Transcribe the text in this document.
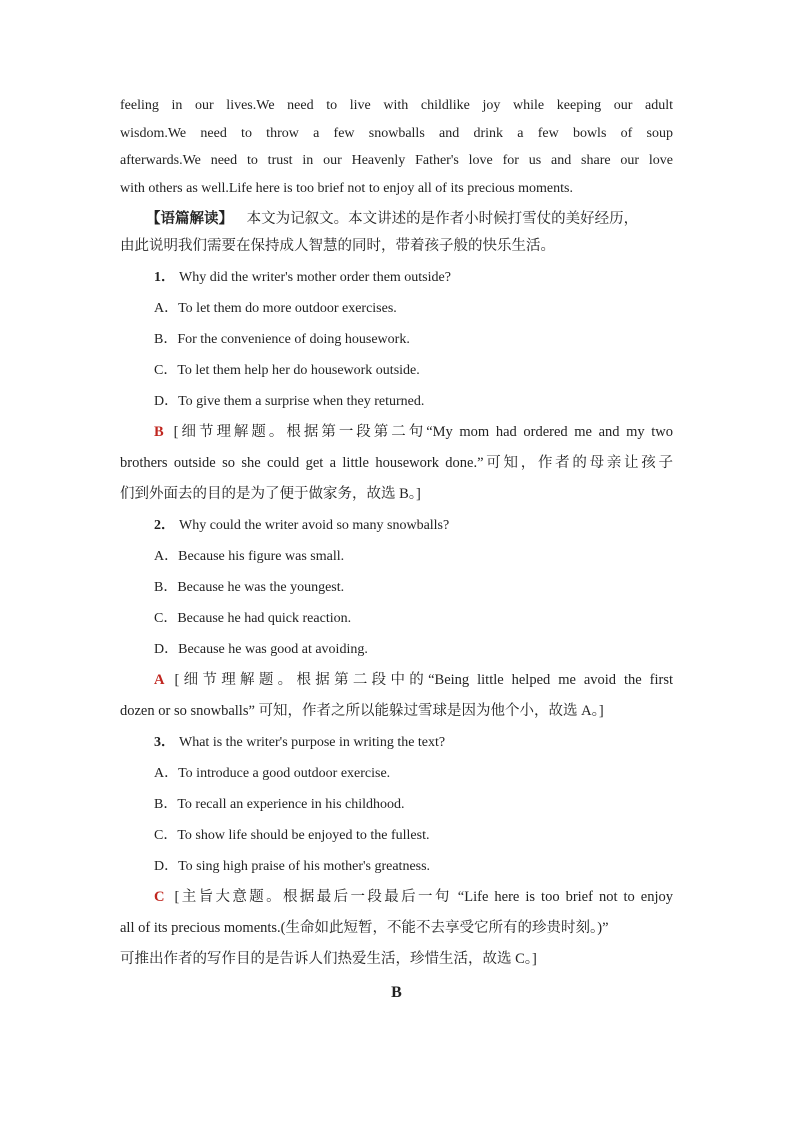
feeling in our lives.We need to live with childlike joy while keeping our adult
wisdom.We need to throw a few snowballs and drink a few bowls of soup
afterwards.We need to trust in our Heavenly Father's love for us and share our love
with others as well.Life here is too brief not to enjoy all of its precious moments.

【语篇解读】 本文为记叙文。本文讲述的是作者小时候打雪仗的美好经历，
由此说明我们需要在保持成人智慧的同时，带着孩子般的快乐生活。

1． Why did the writer's mother order them outside?

A．To let them do more outdoor exercises.

B．For the convenience of doing housework.

C．To let them help her do housework outside.

D．To give them a surprise when they returned.

B [细节理解题。根据第一段第二句“My mom had ordered me and my two
brothers outside so she could get a little housework done.”可知，作者的母亲让孩子
们到外面去的目的是为了便于做家务，故选 B。]

2． Why could the writer avoid so many snowballs?

A．Because his figure was small.

B．Because he was the youngest.

C．Because he had quick reaction.

D．Because he was good at avoiding.

A [细节理解题。根据第二段中的“Being little helped me avoid the first
dozen or so snowballs” 可知，作者之所以能躲过雪球是因为他个小，故选 A。]

3． What is the writer's purpose in writing the text?

A．To introduce a good outdoor exercise.

B．To recall an experience in his childhood.

C．To show life should be enjoyed to the fullest.

D．To sing high praise of his mother's greatness.

C [主旨大意题。根据最后一段最后一句 “Life here is too brief not to enjoy
all of its precious moments.(生命如此短暂，不能不去享受它所有的珍贵时刻。)”
可推出作者的写作目的是告诉人们热爱生活，珍惜生活，故选 C。]
B
